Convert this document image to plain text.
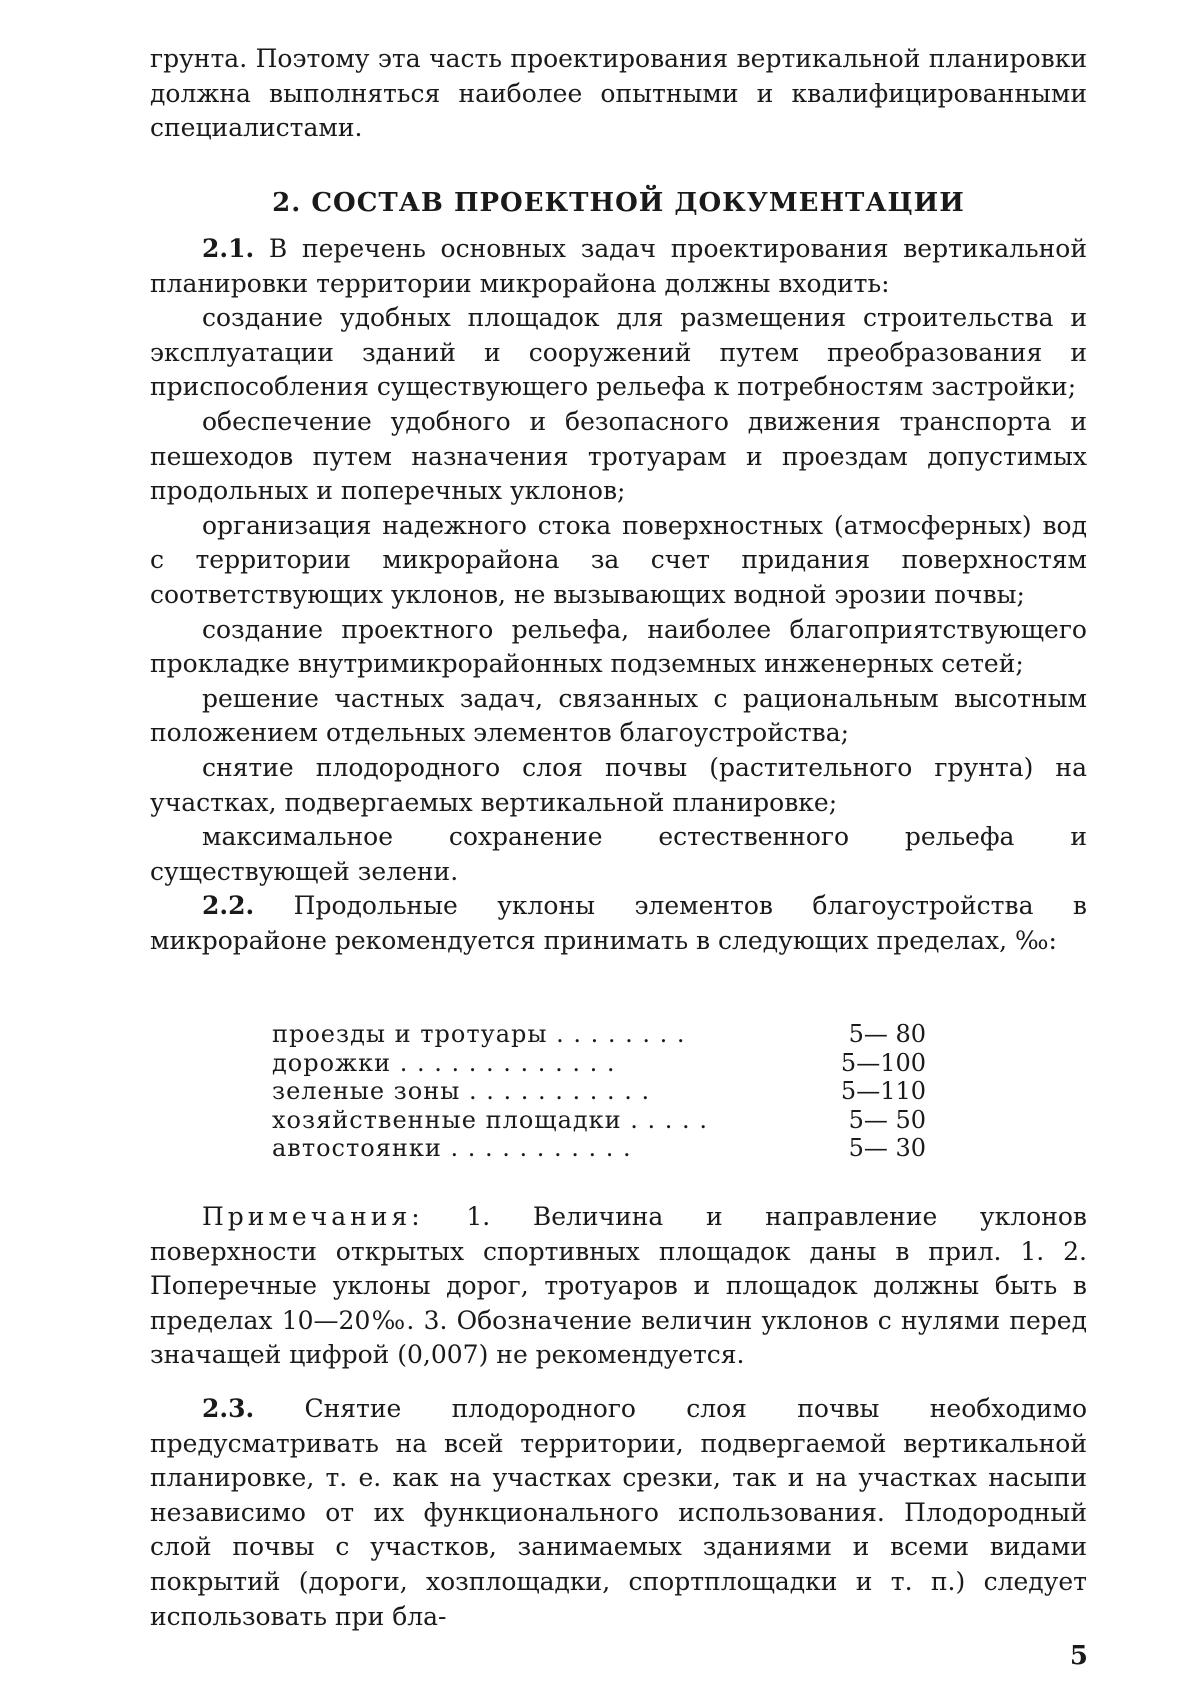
грунта. Поэтому эта часть проектирования вертикальной планировки должна выполняться наиболее опытными и квалифицированными специалистами.

2. СОСТАВ ПРОЕКТНОЙ ДОКУМЕНТАЦИИ

2.1. В перечень основных задач проектирования вертикальной планировки территории микрорайона должны входить:

создание удобных площадок для размещения строительства и эксплуатации зданий и сооружений путем преобразования и приспособления существующего рельефа к потребностям застройки;

обеспечение удобного и безопасного движения транспорта и пешеходов путем назначения тротуарам и проездам допустимых продольных и поперечных уклонов;

организация надежного стока поверхностных (атмосферных) вод с территории микрорайона за счет придания поверхностям соответствующих уклонов, не вызывающих водной эрозии почвы;

создание проектного рельефа, наиболее благоприятствующего прокладке внутримикрорайонных подземных инженерных сетей;

решение частных задач, связанных с рациональным высотным положением отдельных элементов благоустройства;

снятие плодородного слоя почвы (растительного грунта) на участках, подвергаемых вертикальной планировке;

максимальное сохранение естественного рельефа и существующей зелени.

2.2. Продольные уклоны элементов благоустройства в микрорайоне рекомендуется принимать в следующих пределах, ‰:

проезды и тротуары . . . . . . . .	5— 80
дорожки . . . . . . . . . . . . .	5—100
зеленые зоны . . . . . . . . . . .	5—110
хозяйственные площадки . . . . .	5— 50
автостоянки . . . . . . . . . . .	5— 30

Примечания: 1. Величина и направление уклонов поверхности открытых спортивных площадок даны в прил. 1. 2. Поперечные уклоны дорог, тротуаров и площадок должны быть в пределах 10—20‰. 3. Обозначение величин уклонов с нулями перед значащей цифрой (0,007) не рекомендуется.

2.3. Снятие плодородного слоя почвы необходимо предусматривать на всей территории, подвергаемой вертикальной планировке, т. е. как на участках срезки, так и на участках насыпи независимо от их функционального использования. Плодородный слой почвы с участков, занимаемых зданиями и всеми видами покрытий (дороги, хозплощадки, спортплощадки и т. п.) следует использовать при бла-

5
